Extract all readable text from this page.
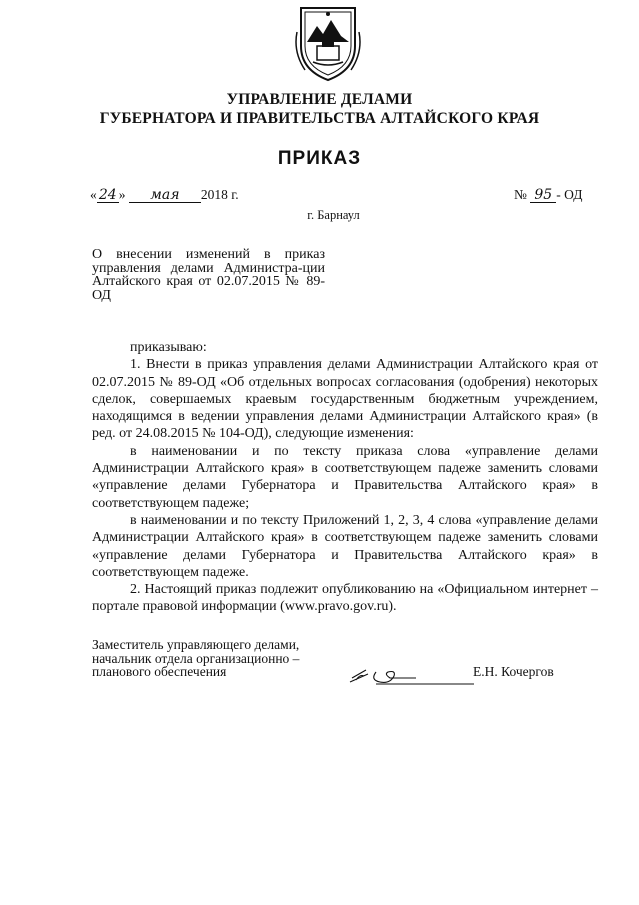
УПРАВЛЕНИЕ ДЕЛАМИ
ГУБЕРНАТОРА И ПРАВИТЕЛЬСТВА АЛТАЙСКОГО КРАЯ
ПРИКАЗ
« 24 » мая 2018 г.	№ 95 - ОД
г. Барнаул
О внесении изменений в приказ управления делами Администра-ции Алтайского края от 02.07.2015 № 89-ОД

приказываю:

1. Внести в приказ управления делами Администрации Алтайского края от 02.07.2015 № 89-ОД «Об отдельных вопросах согласования (одобрения) некоторых сделок, совершаемых краевым государственным бюджетным учреждением, находящимся в ведении управления делами Администрации Алтайского края» (в ред. от 24.08.2015 № 104-ОД), следующие изменения:

в наименовании и по тексту приказа слова «управление делами Администрации Алтайского края» в соответствующем падеже заменить словами «управление делами Губернатора и Правительства Алтайского края» в соответствующем падеже;

в наименовании и по тексту Приложений 1, 2, 3, 4 слова «управление делами Администрации Алтайского края» в соответствующем падеже заменить словами «управление делами Губернатора и Правительства Алтайского края» в соответствующем падеже.

2. Настоящий приказ подлежит опубликованию на «Официальном интернет – портале правовой информации (www.pravo.gov.ru).

Заместитель управляющего делами,
начальник отдела организационно –
планового обеспечения	Е.Н. Кочергов
